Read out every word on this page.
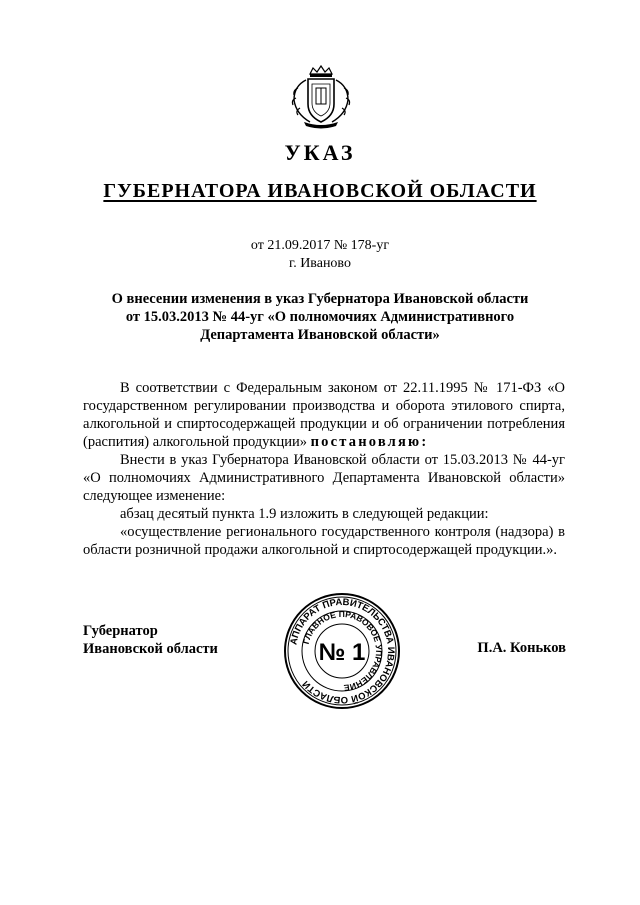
УКАЗ
ГУБЕРНАТОРА ИВАНОВСКОЙ ОБЛАСТИ
от 21.09.2017 № 178-уг
г. Иваново
О внесении изменения в указ Губернатора Ивановской области
от 15.03.2013 № 44-уг «О полномочиях Административного
Департамента Ивановской области»

В соответствии с Федеральным законом от 22.11.1995 № 171-ФЗ «О государственном регулировании производства и оборота этилового спирта, алкогольной и спиртосодержащей продукции и об ограничении потребления (распития) алкогольной продукции» постановляю:

Внести в указ Губернатора Ивановской области от 15.03.2013 № 44-уг «О полномочиях Административного Департамента Ивановской области» следующее изменение:

абзац десятый пункта 1.9 изложить в следующей редакции:

«осуществление регионального государственного контроля (надзора) в области розничной продажи алкогольной и спиртосодержащей продукции.».

Губернатор
Ивановской области	П.А. Коньков
АППАРАТ ПРАВИТЕЛЬСТВА ИВАНОВСКОЙ ОБЛАСТИ
ГЛАВНОЕ ПРАВОВОЕ УПРАВЛЕНИЕ
№ 1
